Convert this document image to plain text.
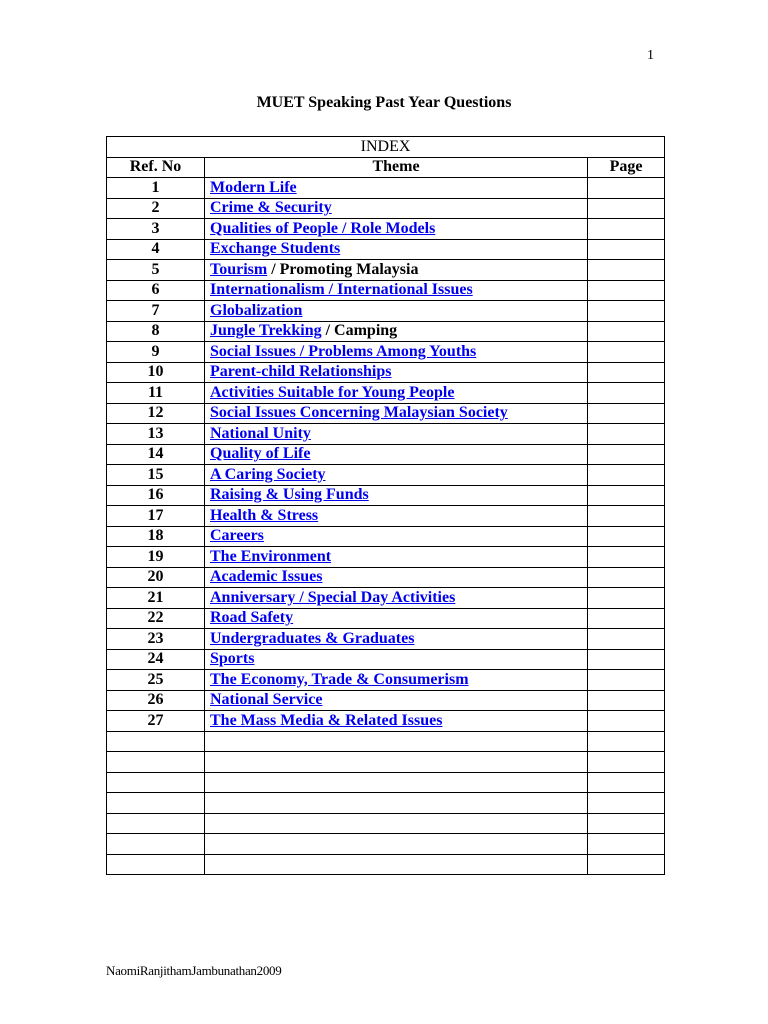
1
MUET Speaking Past Year Questions
INDEX		
Ref. No	Theme	Page
1	Modern Life	
2	Crime & Security	
3	Qualities of People / Role Models	
4	Exchange Students	
5	Tourism / Promoting Malaysia	
6	Internationalism / International Issues	
7	Globalization	
8	Jungle Trekking / Camping	
9	Social Issues / Problems Among Youths	
10	Parent-child Relationships	
11	Activities Suitable for Young People	
12	Social Issues Concerning Malaysian Society	
13	National Unity	
14	Quality of Life	
15	A Caring Society	
16	Raising & Using Funds	
17	Health & Stress	
18	Careers	
19	The Environment	
20	Academic Issues	
21	Anniversary / Special Day Activities	
22	Road Safety	
23	Undergraduates & Graduates	
24	Sports	
25	The Economy, Trade & Consumerism	
26	National Service	
27	The Mass Media & Related Issues	

NaomiRanjithamJambunathan2009
